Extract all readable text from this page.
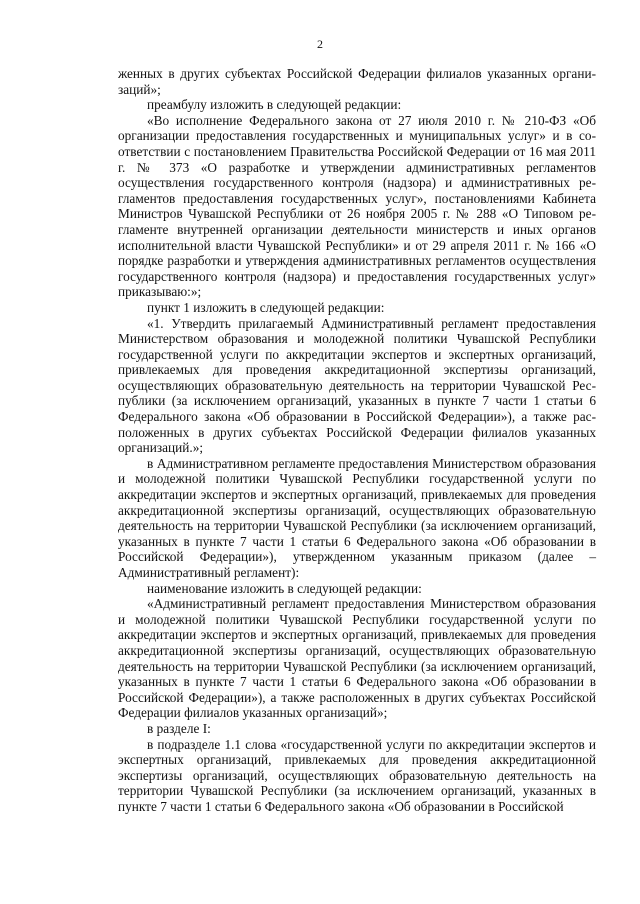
2

женных в других субъектах Российской Федерации филиалов указанных организаций»;

преамбулу изложить в следующей редакции:

«Во исполнение Федерального закона от 27 июля 2010 г. № 210-ФЗ «Об организации предоставления государственных и муниципальных услуг» и в соответствии с постановлением Правительства Российской Федерации от 16 мая 2011 г. № 373 «О разработке и утверждении административных регламентов осуществления государственного контроля (надзора) и административных регламентов предоставления государственных услуг», постановлениями Кабинета Министров Чувашской Республики от 26 ноября 2005 г. № 288 «О Типовом регламенте внутренней организации деятельности министерств и иных органов исполнительной власти Чувашской Республики» и от 29 апреля 2011 г. № 166 «О порядке разработки и утверждения административных регламентов осуществления государственного контроля (надзора) и предоставления государственных услуг» приказываю:»;

пункт 1 изложить в следующей редакции:

«1. Утвердить прилагаемый Административный регламент предоставления Министерством образования и молодежной политики Чувашской Республики государственной услуги по аккредитации экспертов и экспертных организаций, привлекаемых для проведения аккредитационной экспертизы организаций, осуществляющих образовательную деятельность на территории Чувашской Республики (за исключением организаций, указанных в пункте 7 части 1 статьи 6 Федерального закона «Об образовании в Российской Федерации»), а также расположенных в других субъектах Российской Федерации филиалов указанных организаций.»;

в Административном регламенте предоставления Министерством образования и молодежной политики Чувашской Республики государственной услуги по аккредитации экспертов и экспертных организаций, привлекаемых для проведения аккредитационной экспертизы организаций, осуществляющих образовательную деятельность на территории Чувашской Республики (за исключением организаций, указанных в пункте 7 части 1 статьи 6 Федерального закона «Об образовании в Российской Федерации»), утвержденном указанным приказом (далее – Административный регламент):

наименование изложить в следующей редакции:

«Административный регламент предоставления Министерством образования и молодежной политики Чувашской Республики государственной услуги по аккредитации экспертов и экспертных организаций, привлекаемых для проведения аккредитационной экспертизы организаций, осуществляющих образовательную деятельность на территории Чувашской Республики (за исключением организаций, указанных в пункте 7 части 1 статьи 6 Федерального закона «Об образовании в Российской Федерации»), а также расположенных в других субъектах Российской Федерации филиалов указанных организаций»;

в разделе I:

в подразделе 1.1 слова «государственной услуги по аккредитации экспертов и экспертных организаций, привлекаемых для проведения аккредитационной экспертизы организаций, осуществляющих образовательную деятельность на территории Чувашской Республики (за исключением организаций, указанных в пункте 7 части 1 статьи 6 Федерального закона «Об образовании в Российской
